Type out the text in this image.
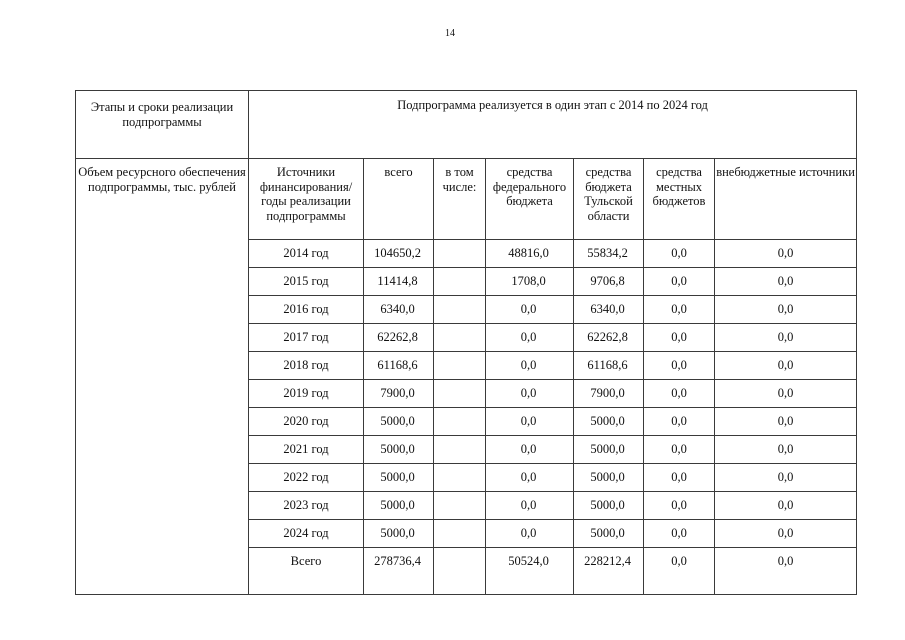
14
Этапы и сроки реализации подпрограммы	Подпрограмма реализуется в один этап с 2014 по 2024 год						
Объем ресурсного обеспечения подпрограммы, тыс. рублей	Источники финансирования/ годы реализации подпрограммы	всего	в том числе:	средства федерального бюджета	средства бюджета Тульской области	средства местных бюджетов	внебюджетные источники
	2014 год	104650,2		48816,0	55834,2	0,0	0,0
	2015 год	11414,8		1708,0	9706,8	0,0	0,0
	2016 год	6340,0		0,0	6340,0	0,0	0,0
	2017 год	62262,8		0,0	62262,8	0,0	0,0
	2018 год	61168,6		0,0	61168,6	0,0	0,0
	2019 год	7900,0		0,0	7900,0	0,0	0,0
	2020 год	5000,0		0,0	5000,0	0,0	0,0
	2021 год	5000,0		0,0	5000,0	0,0	0,0
	2022 год	5000,0		0,0	5000,0	0,0	0,0
	2023 год	5000,0		0,0	5000,0	0,0	0,0
	2024 год	5000,0		0,0	5000,0	0,0	0,0
	Всего	278736,4		50524,0	228212,4	0,0	0,0
